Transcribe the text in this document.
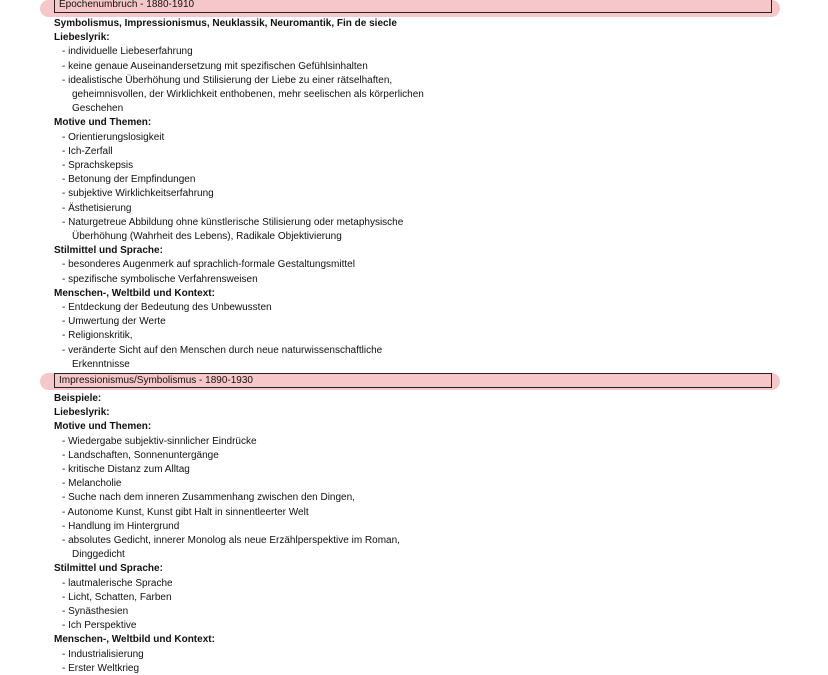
Epochenumbruch - 1880-1910
Symbolismus, Impressionismus, Neuklassik, Neuromantik, Fin de siecle
Liebeslyrik:
- individuelle Liebeserfahrung
- keine genaue Auseinandersetzung mit spezifischen Gefühlsinhalten
- idealistische Überhöhung und Stilisierung der Liebe zu einer rätselhaften,
geheimnisvollen, der Wirklichkeit enthobenen, mehr seelischen als körperlichen
Geschehen
Motive und Themen:
- Orientierungslosigkeit
- Ich-Zerfall
- Sprachskepsis
- Betonung der Empfindungen
- subjektive Wirklichkeitserfahrung
- Ästhetisierung
- Naturgetreue Abbildung ohne künstlerische Stilisierung oder metaphysische
Überhöhung (Wahrheit des Lebens), Radikale Objektivierung
Stilmittel und Sprache:
- besonderes Augenmerk auf sprachlich-formale Gestaltungsmittel
- spezifische symbolische Verfahrensweisen
Menschen-, Weltbild und Kontext:
- Entdeckung der Bedeutung des Unbewussten
- Umwertung der Werte
- Religionskritik,
- veränderte Sicht auf den Menschen durch neue naturwissenschaftliche
Erkenntnisse
Impressionismus/Symbolismus - 1890-1930
Beispiele:
Liebeslyrik:
Motive und Themen:
- Wiedergabe subjektiv-sinnlicher Eindrücke
- Landschaften, Sonnenuntergänge
- kritische Distanz zum Alltag
- Melancholie
- Suche nach dem inneren Zusammenhang zwischen den Dingen,
- Autonome Kunst, Kunst gibt Halt in sinnentleerter Welt
- Handlung im Hintergrund
- absolutes Gedicht, innerer Monolog als neue Erzählperspektive im Roman,
Dinggedicht
Stilmittel und Sprache:
- lautmalerische Sprache
- Licht, Schatten, Farben
- Synästhesien
- Ich Perspektive
Menschen-, Weltbild und Kontext:
- Industrialisierung
- Erster Weltkrieg
